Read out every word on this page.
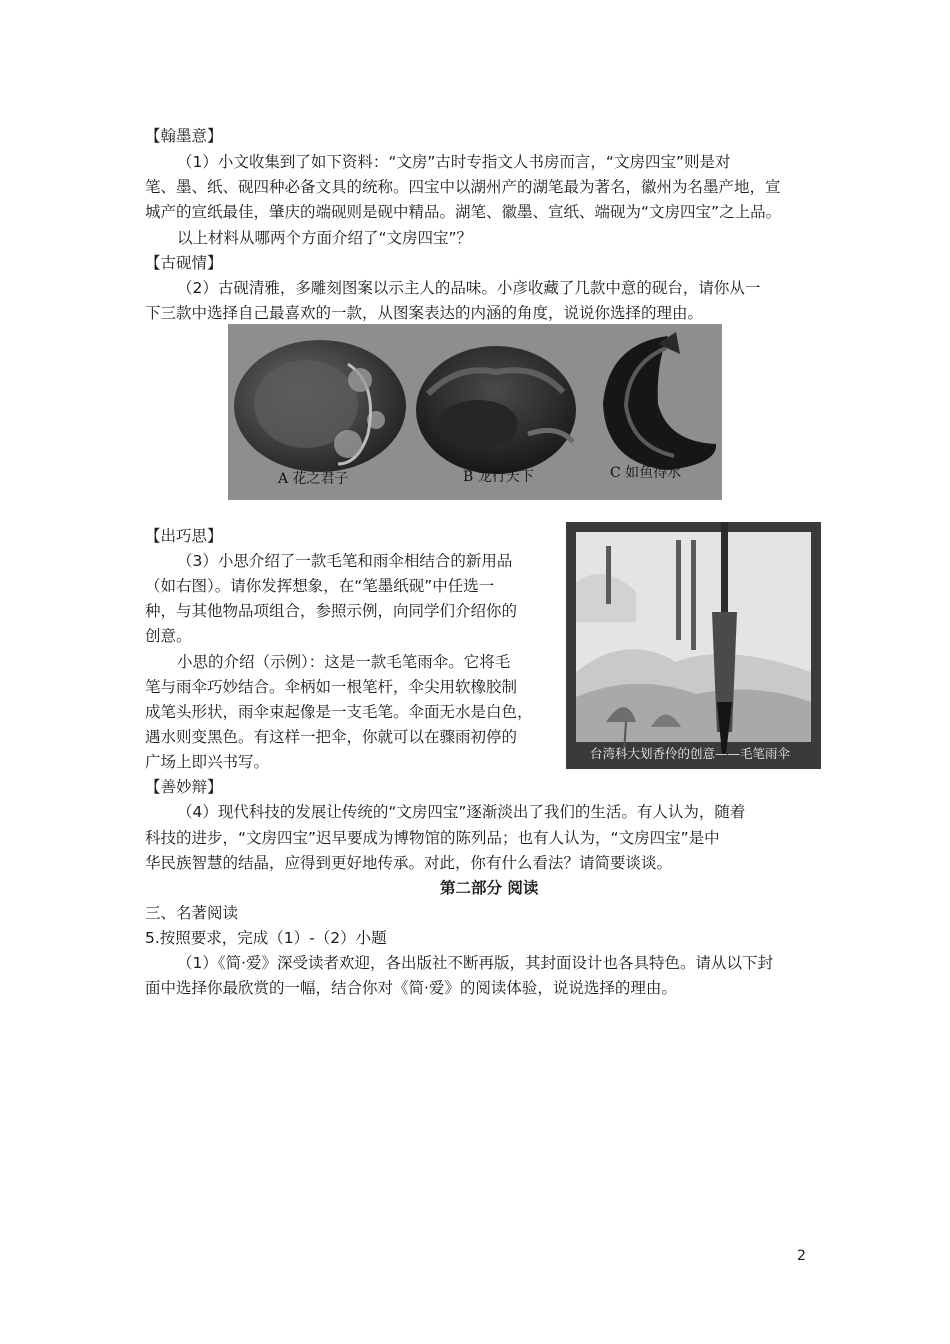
【翰墨意】
（1）小文收集到了如下资料：“文房”古时专指文人书房而言，“文房四宝”则是对
笔、墨、纸、砚四种必备文具的统称。四宝中以湖州产的湖笔最为著名，徽州为名墨产地，宣
城产的宣纸最佳，肇庆的端砚则是砚中精品。湖笔、徽墨、宣纸、端砚为“文房四宝”之上品。
以上材料从哪两个方面介绍了“文房四宝”？
【古砚情】
（2）古砚清雅，多雕刻图案以示主人的品味。小彦收藏了几款中意的砚台，请你从一
下三款中选择自己最喜欢的一款，从图案表达的内涵的角度，说说你选择的理由。
A 花之君子	B 龙行天下	C 如鱼得水
【出巧思】
（3）小思介绍了一款毛笔和雨伞相结合的新用品
（如右图）。请你发挥想象，在“笔墨纸砚”中任选一
种，与其他物品项组合，参照示例，向同学们介绍你的
创意。
小思的介绍（示例）：这是一款毛笔雨伞。它将毛
笔与雨伞巧妙结合。伞柄如一根笔杆，伞尖用软橡胶制
成笔头形状，雨伞束起像是一支毛笔。伞面无水是白色，
遇水则变黑色。有这样一把伞，你就可以在骤雨初停的
广场上即兴书写。	台湾科大划香伶的创意——毛笔雨伞
【善妙辩】
（4）现代科技的发展让传统的“文房四宝”逐渐淡出了我们的生活。有人认为，随着
科技的进步，“文房四宝”迟早要成为博物馆的陈列品；也有人认为，“文房四宝”是中
华民族智慧的结晶，应得到更好地传承。对此，你有什么看法？请简要谈谈。
第二部分 阅读
三、名著阅读
5.按照要求，完成（1）-（2）小题
（1）《简·爱》深受读者欢迎，各出版社不断再版，其封面设计也各具特色。请从以下封
面中选择你最欣赏的一幅，结合你对《简·爱》的阅读体验，说说选择的理由。
2
